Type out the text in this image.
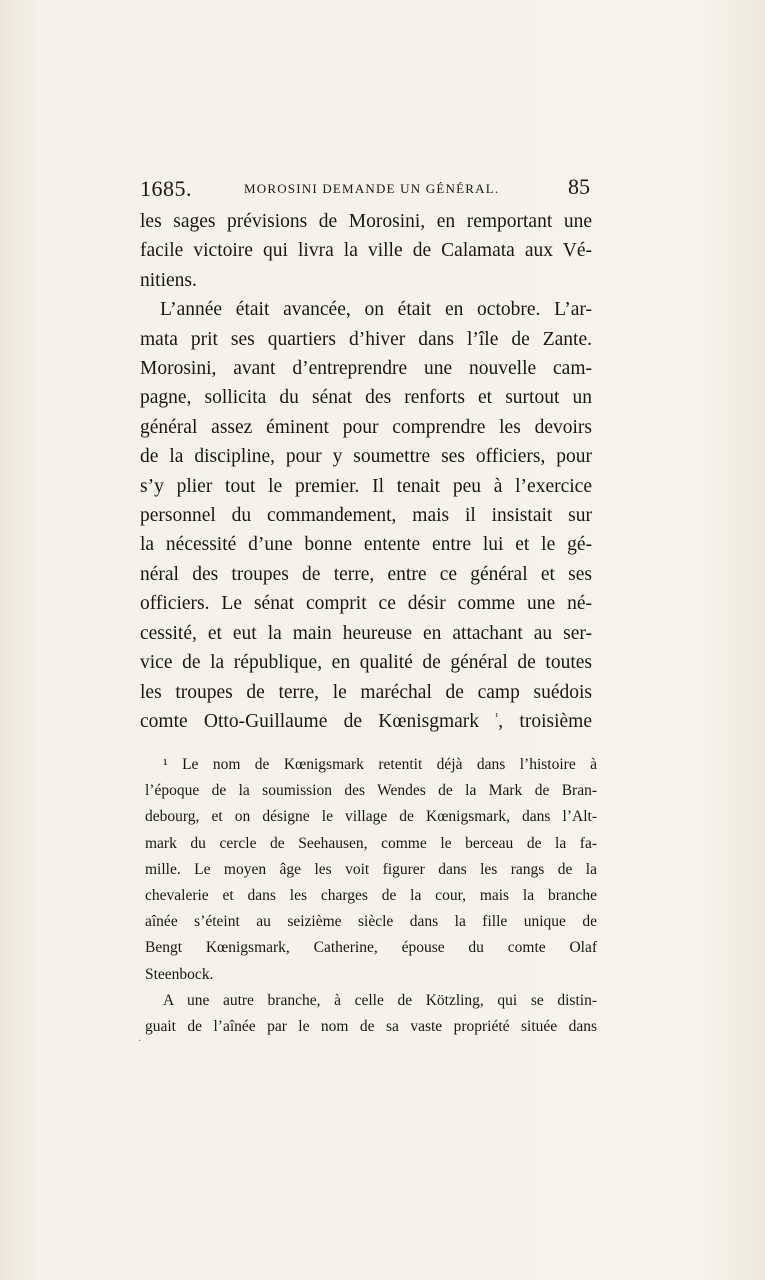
1685.	MOROSINI DEMANDE UN GÉNÉRAL.	85
les sages prévisions de Morosini, en remportant une
facile victoire qui livra la ville de Calamata aux Vé-
nitiens.
L’année était avancée, on était en octobre. L’ar-
mata prit ses quartiers d’hiver dans l’île de Zante.
Morosini, avant d’entreprendre une nouvelle cam-
pagne, sollicita du sénat des renforts et surtout un
général assez éminent pour comprendre les devoirs
de la discipline, pour y soumettre ses officiers, pour
s’y plier tout le premier. Il tenait peu à l’exercice
personnel du commandement, mais il insistait sur
la nécessité d’une bonne entente entre lui et le gé-
néral des troupes de terre, entre ce général et ses
officiers. Le sénat comprit ce désir comme une né-
cessité, et eut la main heureuse en attachant au ser-
vice de la république, en qualité de général de toutes
les troupes de terre, le maréchal de camp suédois
comte Otto-Guillaume de Kœnisgmark $^{^1}$, troisième
¹ Le nom de Kœnigsmark retentit déjà dans l’histoire à
l’époque de la soumission des Wendes de la Mark de Bran-
debourg, et on désigne le village de Kœnigsmark, dans l’Alt-
mark du cercle de Seehausen, comme le berceau de la fa-
mille. Le moyen âge les voit figurer dans les rangs de la
chevalerie et dans les charges de la cour, mais la branche
aînée s’éteint au seizième siècle dans la fille unique de
Bengt Kœnigsmark, Catherine, épouse du comte Olaf
Steenbock.
A une autre branche, à celle de Kötzling, qui se distin-
guait de l’aînée par le nom de sa vaste propriété située dans
·
